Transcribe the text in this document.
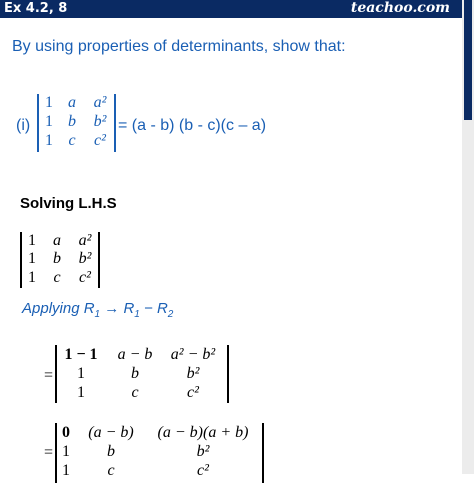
Ex 4.2, 8	teachoo.com
By using properties of determinants, show that:
(i)
1 a a²
1 b b²
1 c	c²
= (a - b) (b - c)(c – a)
Solving L.H.S
1 a a²
1 b b²
1 c	c²
Applying $R_1 \to R_1 - R_2$
=
1 − 1	a − b	a² − b²
1	b	b²
1	c	c²
=
0	(a − b)	(a − b)(a + b)
1	b	b²
1	c	c²
